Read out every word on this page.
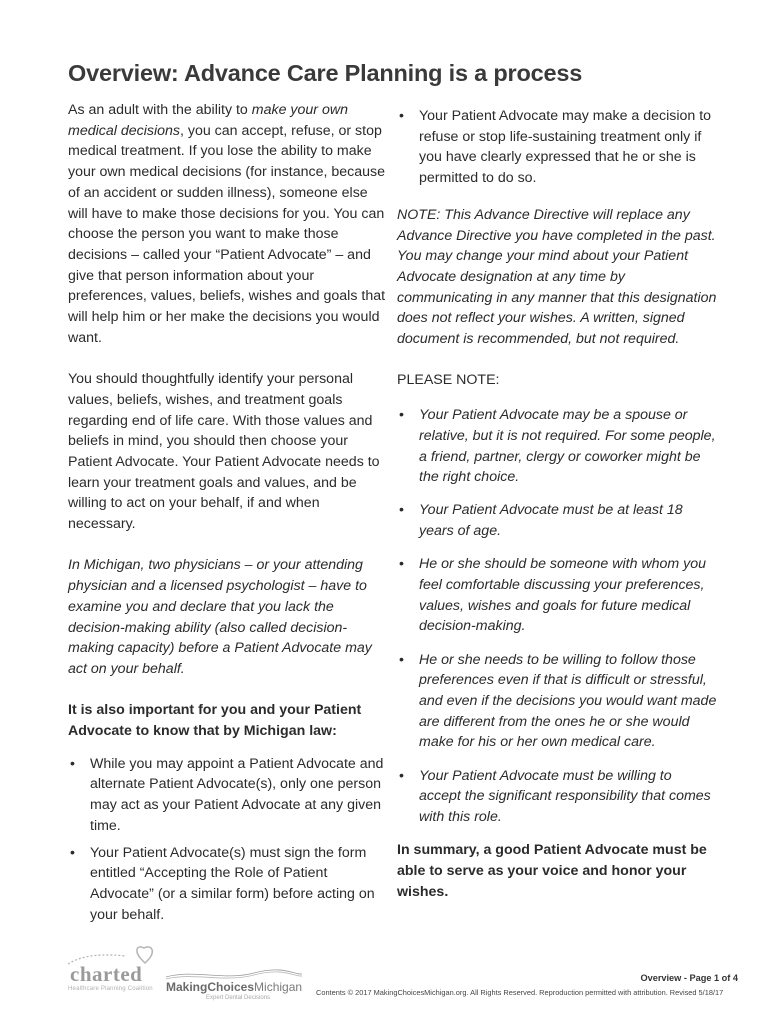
Overview: Advance Care Planning is a process

As an adult with the ability to make your own medical decisions, you can accept, refuse, or stop medical treatment. If you lose the ability to make your own medical decisions (for instance, because of an accident or sudden illness), someone else will have to make those decisions for you. You can choose the person you want to make those decisions – called your “Patient Advocate” – and give that person information about your preferences, values, beliefs, wishes and goals that will help him or her make the decisions you would want.

You should thoughtfully identify your personal values, beliefs, wishes, and treatment goals regarding end of life care. With those values and beliefs in mind, you should then choose your Patient Advocate. Your Patient Advocate needs to learn your treatment goals and values, and be willing to act on your behalf, if and when necessary.

In Michigan, two physicians – or your attending physician and a licensed psychologist – have to examine you and declare that you lack the decision-making ability (also called decision-making capacity) before a Patient Advocate may act on your behalf.

It is also important for you and your Patient Advocate to know that by Michigan law:

• While you may appoint a Patient Advocate and alternate Patient Advocate(s), only one person may act as your Patient Advocate at any given time.
• Your Patient Advocate(s) must sign the form entitled “Accepting the Role of Patient Advocate” (or a similar form) before acting on your behalf.
• Your Patient Advocate may make a decision to refuse or stop life-sustaining treatment only if you have clearly expressed that he or she is permitted to do so.

NOTE: This Advance Directive will replace any Advance Directive you have completed in the past. You may change your mind about your Patient Advocate designation at any time by communicating in any manner that this designation does not reflect your wishes. A written, signed document is recommended, but not required.

PLEASE NOTE:

• Your Patient Advocate may be a spouse or relative, but it is not required. For some people, a friend, partner, clergy or coworker might be the right choice.
• Your Patient Advocate must be at least 18 years of age.
• He or she should be someone with whom you feel comfortable discussing your preferences, values, wishes and goals for future medical decision-making.
• He or she needs to be willing to follow those preferences even if that is difficult or stressful, and even if the decisions you would want made are different from the ones he or she would make for his or her own medical care.
• Your Patient Advocate must be willing to accept the significant responsibility that comes with this role.

In summary, a good Patient Advocate must be able to serve as your voice and honor your wishes.

charted
Healthcare Planning Coalition MakingChoicesMichigan
Expert Dental Decisions
Overview - Page 1 of 4
Contents © 2017 MakingChoicesMichigan.org. All Rights Reserved. Reproduction permitted with attribution. Revised 5/18/17
